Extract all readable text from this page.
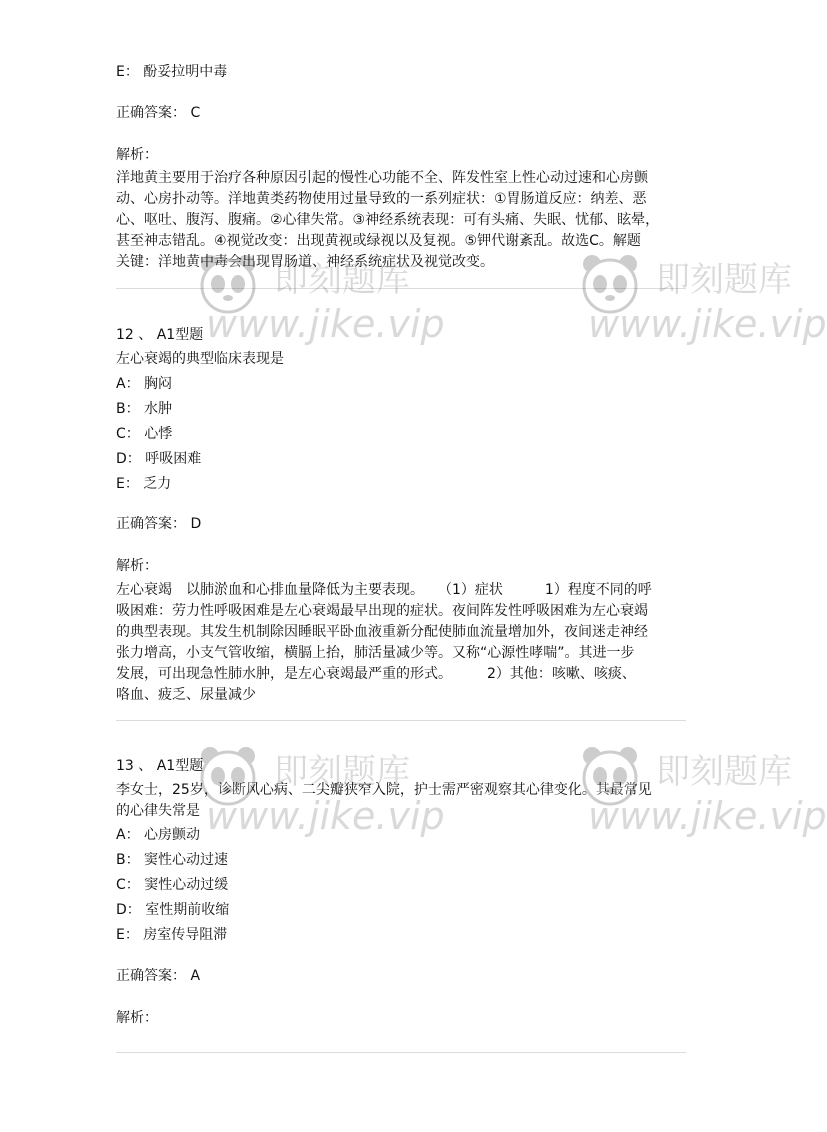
E： 酚妥拉明中毒
正确答案： C
解析：
洋地黄主要用于治疗各种原因引起的慢性心功能不全、阵发性室上性心动过速和心房颤
动、心房扑动等。洋地黄类药物使用过量导致的一系列症状：①胃肠道反应：纳差、恶
心、呕吐、腹泻、腹痛。②心律失常。③神经系统表现：可有头痛、失眠、忧郁、眩晕，
甚至神志错乱。④视觉改变：出现黄视或绿视以及复视。⑤钾代谢紊乱。故选C。解题
关键：洋地黄中毒会出现胃肠道、神经系统症状及视觉改变。
12 、 A1型题
左心衰竭的典型临床表现是
A： 胸闷
B： 水肿
C： 心悸
D： 呼吸困难
E： 乏力
正确答案： D
解析：
左心衰竭　以肺淤血和心排血量降低为主要表现。　　（1）症状　　　1）程度不同的呼
吸困难：劳力性呼吸困难是左心衰竭最早出现的症状。夜间阵发性呼吸困难为左心衰竭
的典型表现。其发生机制除因睡眠平卧血液重新分配使肺血流量增加外，夜间迷走神经
张力增高，小支气管收缩，横膈上抬，肺活量减少等。又称“心源性哮喘”。其进一步
发展，可出现急性肺水肿，是左心衰竭最严重的形式。　　　2）其他：咳嗽、咳痰、
咯血、疲乏、尿量减少
13 、 A1型题
李女士，25岁，诊断风心病、二尖瓣狭窄入院，护士需严密观察其心律变化。其最常见
的心律失常是
A： 心房颤动
B： 窦性心动过速
C： 窦性心动过缓
D： 室性期前收缩
E： 房室传导阻滞
正确答案： A
解析：
即刻题库
www.jike.vip
即刻题库
www.jike.vip
即刻题库
www.jike.vip
即刻题库
www.jike.vip
